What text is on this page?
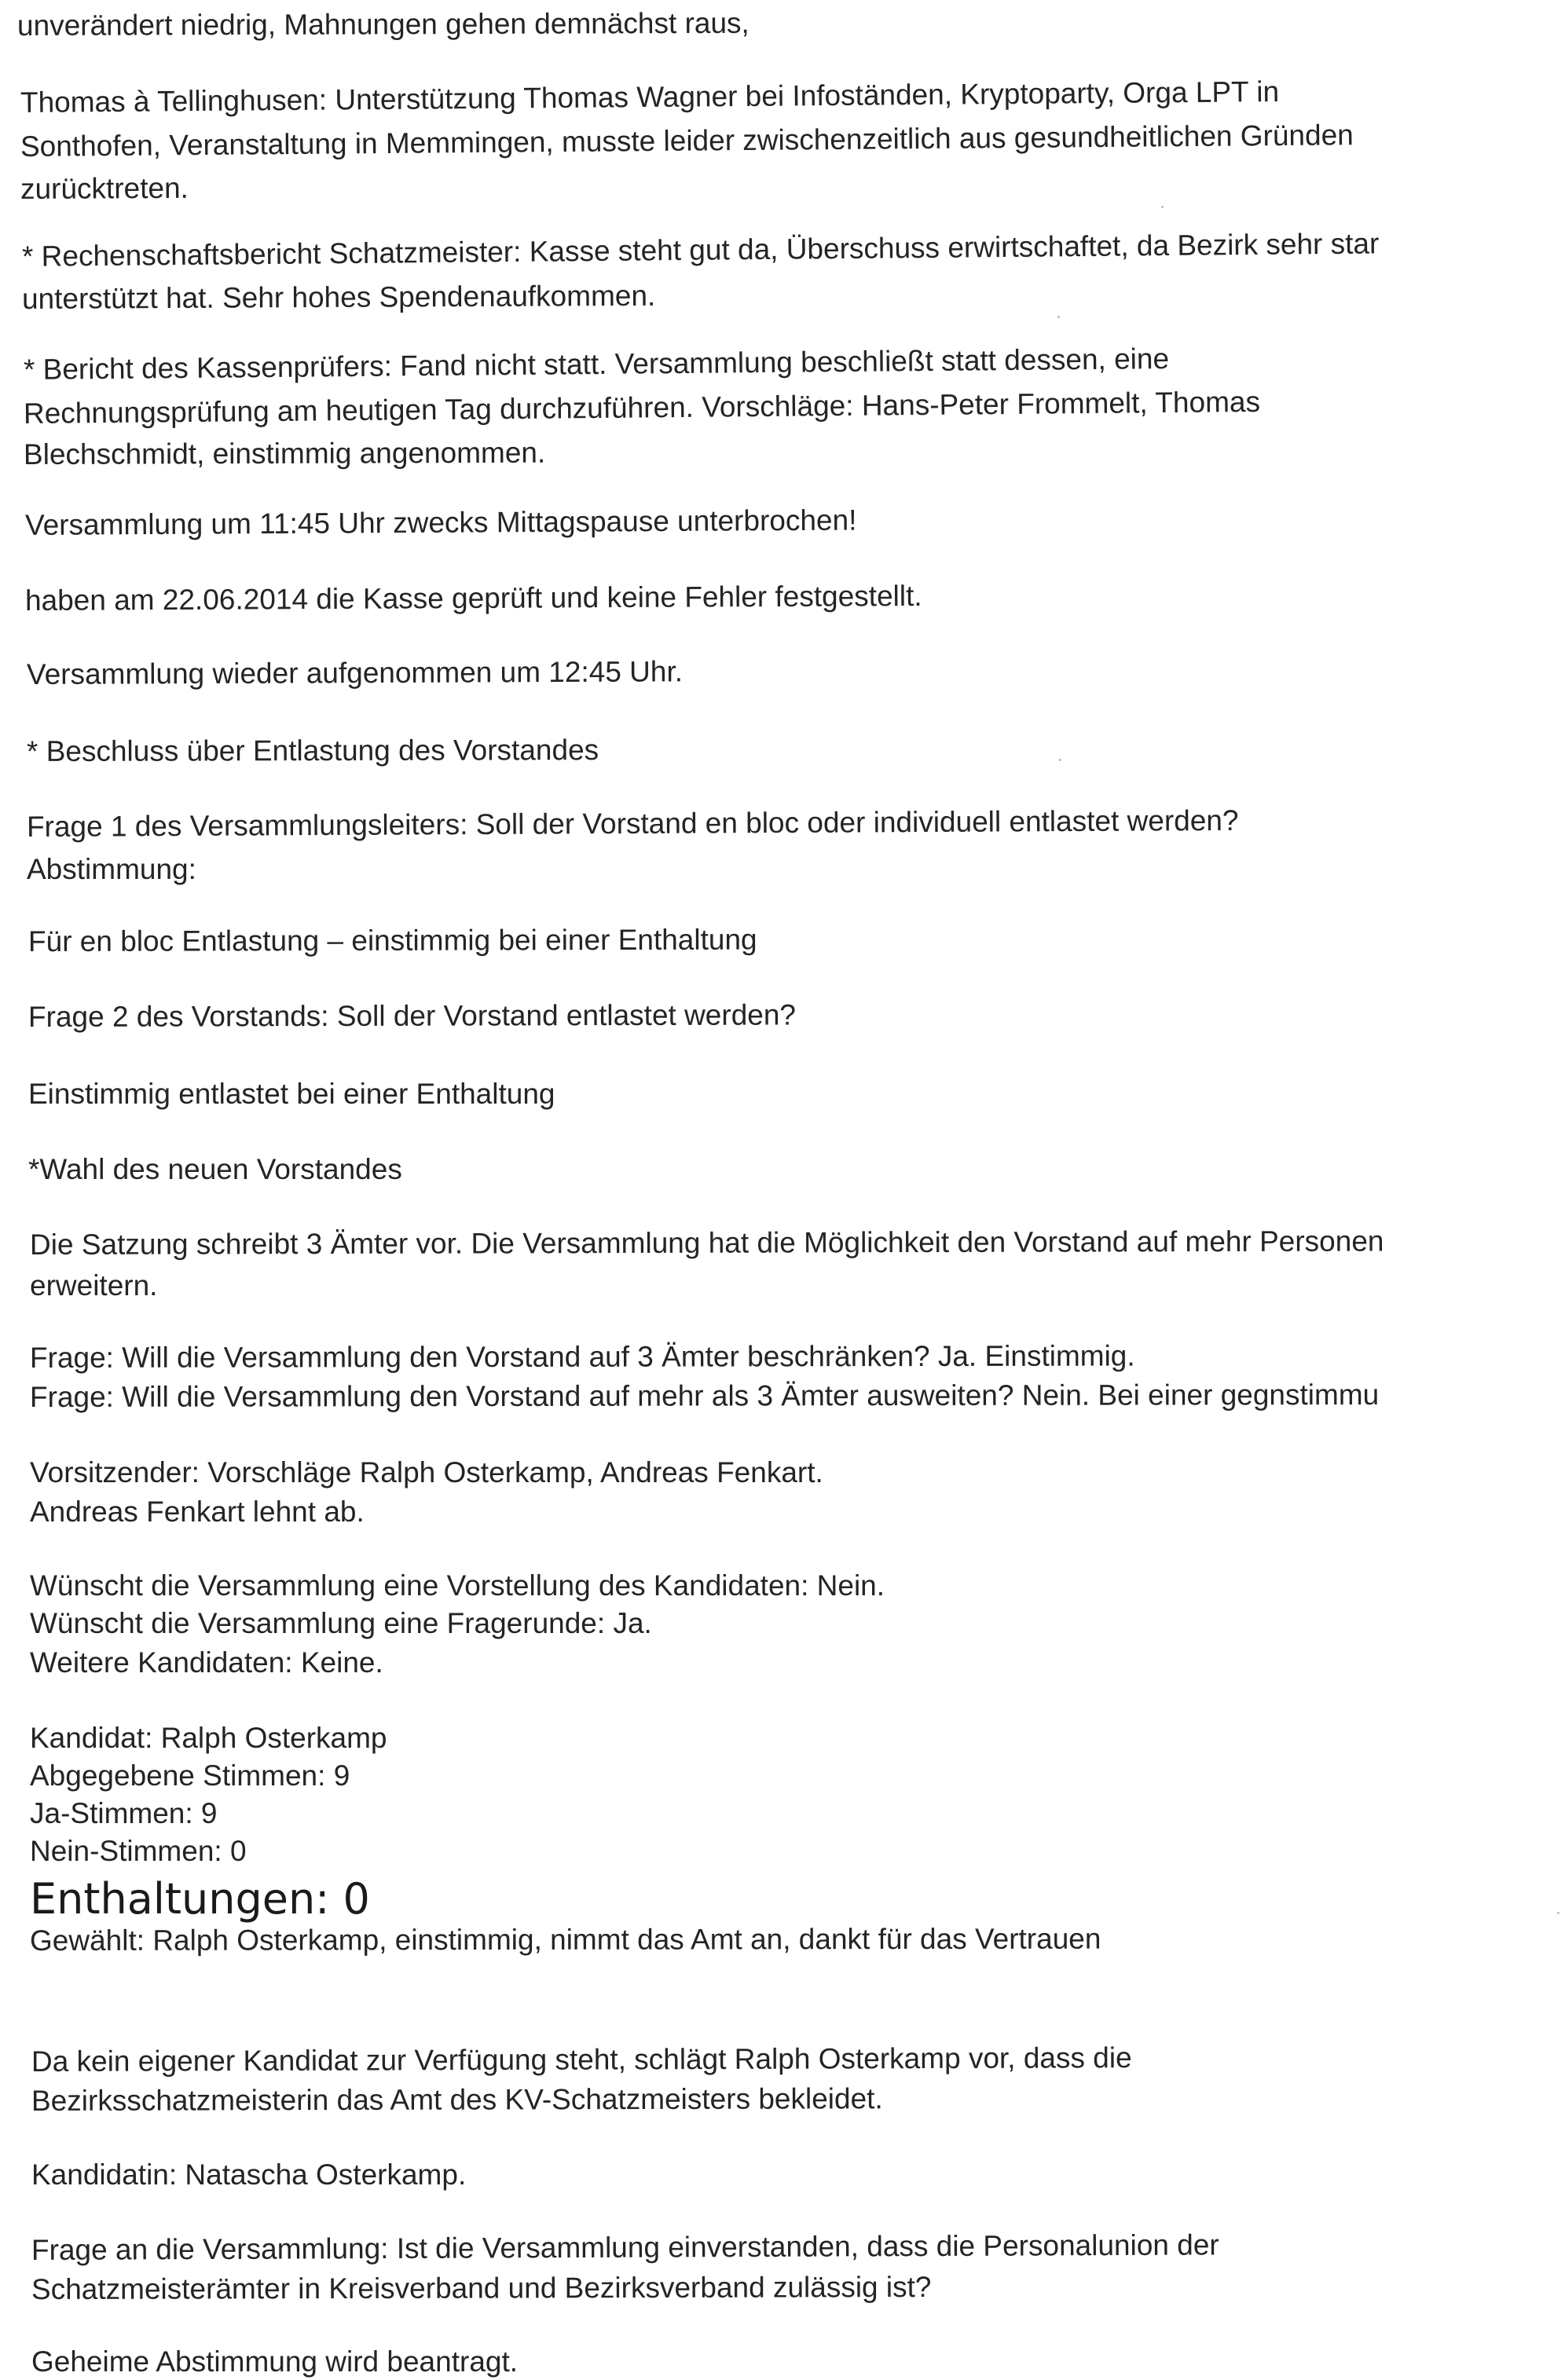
unverändert niedrig, Mahnungen gehen demnächst raus,
Thomas à Tellinghusen: Unterstützung Thomas Wagner bei Infoständen, Kryptoparty, Orga LPT in
Sonthofen, Veranstaltung in Memmingen, musste leider zwischenzeitlich aus gesundheitlichen Gründen
zurücktreten.
* Rechenschaftsbericht Schatzmeister: Kasse steht gut da, Überschuss erwirtschaftet, da Bezirk sehr star
unterstützt hat. Sehr hohes Spendenaufkommen.
* Bericht des Kassenprüfers: Fand nicht statt. Versammlung beschließt statt dessen, eine
Rechnungsprüfung am heutigen Tag durchzuführen. Vorschläge: Hans-Peter Frommelt, Thomas
Blechschmidt, einstimmig angenommen.
Versammlung um 11:45 Uhr zwecks Mittagspause unterbrochen!
haben am 22.06.2014 die Kasse geprüft und keine Fehler festgestellt.
Versammlung wieder aufgenommen um 12:45 Uhr.
* Beschluss über Entlastung des Vorstandes
Frage 1 des Versammlungsleiters: Soll der Vorstand en bloc oder individuell entlastet werden?
Abstimmung:
Für en bloc Entlastung – einstimmig bei einer Enthaltung
Frage 2 des Vorstands: Soll der Vorstand entlastet werden?
Einstimmig entlastet bei einer Enthaltung
*Wahl des neuen Vorstandes
Die Satzung schreibt 3 Ämter vor. Die Versammlung hat die Möglichkeit den Vorstand auf mehr Personen
erweitern.
Frage: Will die Versammlung den Vorstand auf 3 Ämter beschränken? Ja. Einstimmig.
Frage: Will die Versammlung den Vorstand auf mehr als 3 Ämter ausweiten? Nein. Bei einer gegnstimmu
Vorsitzender: Vorschläge Ralph Osterkamp, Andreas Fenkart.
Andreas Fenkart lehnt ab.
Wünscht die Versammlung eine Vorstellung des Kandidaten: Nein.
Wünscht die Versammlung eine Fragerunde: Ja.
Weitere Kandidaten: Keine.
Kandidat: Ralph Osterkamp
Abgegebene Stimmen: 9
Ja-Stimmen: 9
Nein-Stimmen: 0
Enthaltungen: 0
Gewählt: Ralph Osterkamp, einstimmig, nimmt das Amt an, dankt für das Vertrauen
Da kein eigener Kandidat zur Verfügung steht, schlägt Ralph Osterkamp vor, dass die
Bezirksschatzmeisterin das Amt des KV-Schatzmeisters bekleidet.
Kandidatin: Natascha Osterkamp.
Frage an die Versammlung: Ist die Versammlung einverstanden, dass die Personalunion der
Schatzmeisterämter in Kreisverband und Bezirksverband zulässig ist?
Geheime Abstimmung wird beantragt.
